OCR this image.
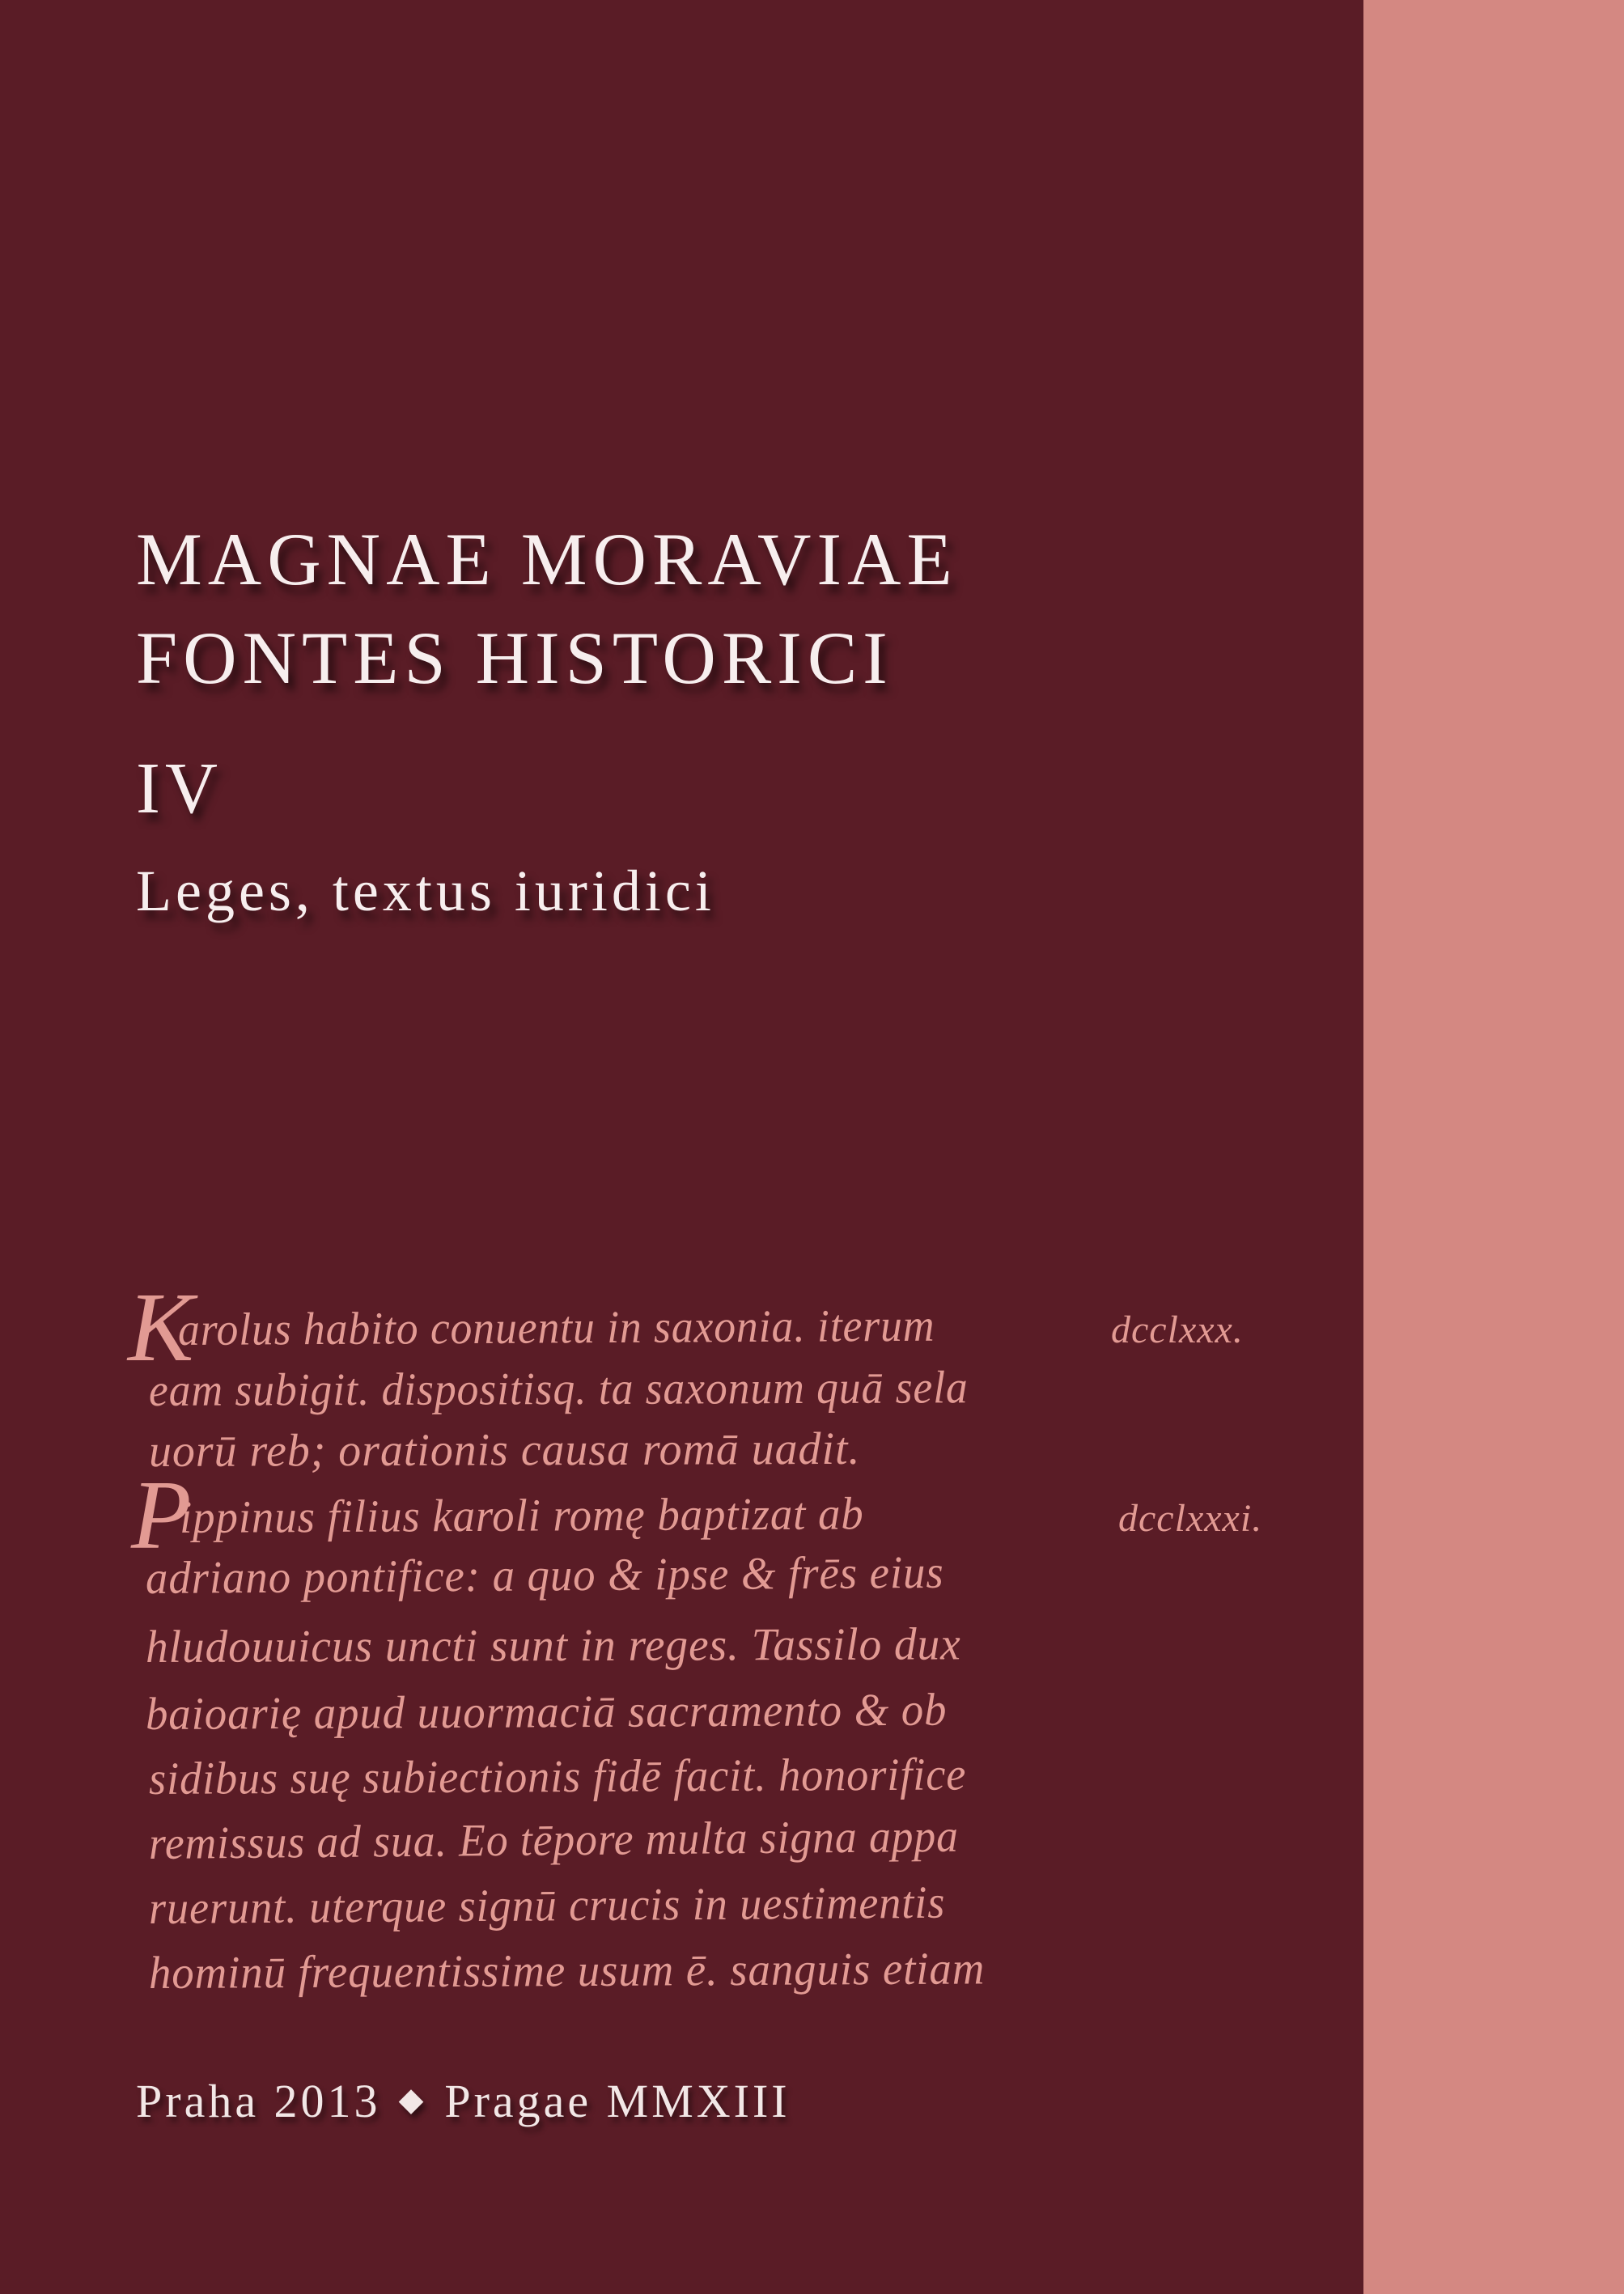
MAGNAE MORAVIAE
FONTES HISTORICI
IV
Leges, textus iuridici
K
arolus habito conuentu in saxonia. iterum
eam subigit. dispositisq. ta saxonum quā sela
uorū reb; orationis causa romā uadit.
P
ippinus filius karoli romę baptizat ab
adriano pontifice: a quo & ipse & frēs eius
hludouuicus uncti sunt in reges. Tassilo dux
baioarię apud uuormaciā sacramento & ob
sidibus suę subiectionis fidē facit. honorifice
remissus ad sua. Eo tēpore multa signa appa
ruerunt. uterque signū crucis in uestimentis
hominū frequentissime usum ē. sanguis etiam
dcclxxx.
dcclxxxi.
Praha 2013 ◆ Pragae MMXIII
